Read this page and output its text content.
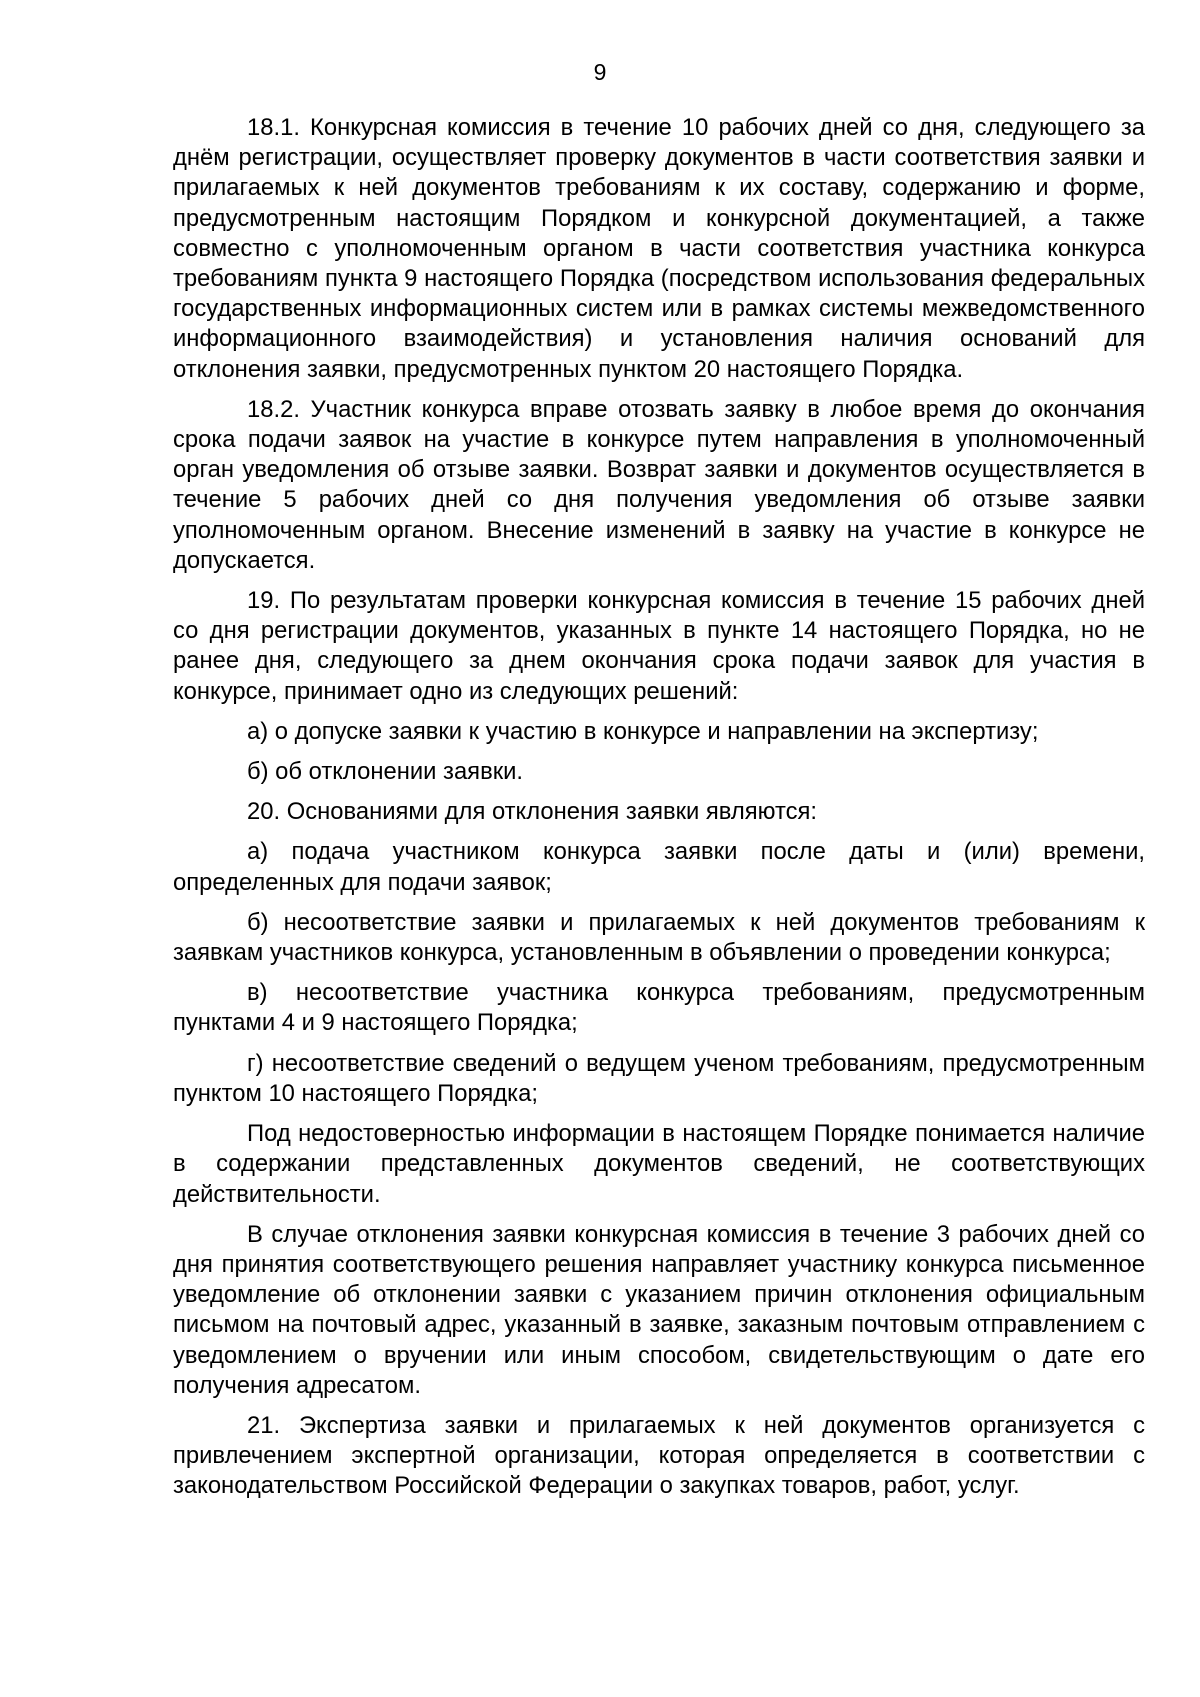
9

18.1. Конкурсная комиссия в течение 10 рабочих дней со дня, следующего за днём регистрации, осуществляет проверку документов в части соответствия заявки и прилагаемых к ней документов требованиям к их составу, содержанию и форме, предусмотренным настоящим Порядком и конкурсной документацией, а также совместно с уполномоченным органом в части соответствия участника конкурса требованиям пункта 9 настоящего Порядка (посредством использования федеральных государственных информационных систем или в рамках системы межведомственного информационного взаимодействия) и установления наличия оснований для отклонения заявки, предусмотренных пунктом 20 настоящего Порядка.

18.2. Участник конкурса вправе отозвать заявку в любое время до окончания срока подачи заявок на участие в конкурсе путем направления в уполномоченный орган уведомления об отзыве заявки. Возврат заявки и документов осуществляется в течение 5 рабочих дней со дня получения уведомления об отзыве заявки уполномоченным органом. Внесение изменений в заявку на участие в конкурсе не допускается.

19. По результатам проверки конкурсная комиссия в течение 15 рабочих дней со дня регистрации документов, указанных в пункте 14 настоящего Порядка, но не ранее дня, следующего за днем окончания срока подачи заявок для участия в конкурсе, принимает одно из следующих решений:

а) о допуске заявки к участию в конкурсе и направлении на экспертизу;

б) об отклонении заявки.

20. Основаниями для отклонения заявки являются:

а) подача участником конкурса заявки после даты и (или) времени, определенных для подачи заявок;

б) несоответствие заявки и прилагаемых к ней документов требованиям к заявкам участников конкурса, установленным в объявлении о проведении конкурса;

в) несоответствие участника конкурса требованиям, предусмотренным пунктами 4 и 9 настоящего Порядка;

г) несоответствие сведений о ведущем ученом требованиям, предусмотренным пунктом 10 настоящего Порядка;

Под недостоверностью информации в настоящем Порядке понимается наличие в содержании представленных документов сведений, не соответствующих действительности.

В случае отклонения заявки конкурсная комиссия в течение 3 рабочих дней со дня принятия соответствующего решения направляет участнику конкурса письменное уведомление об отклонении заявки с указанием причин отклонения официальным письмом на почтовый адрес, указанный в заявке, заказным почтовым отправлением с уведомлением о вручении или иным способом, свидетельствующим о дате его получения адресатом.

21. Экспертиза заявки и прилагаемых к ней документов организуется с привлечением экспертной организации, которая определяется в соответствии с законодательством Российской Федерации о закупках товаров, работ, услуг.
